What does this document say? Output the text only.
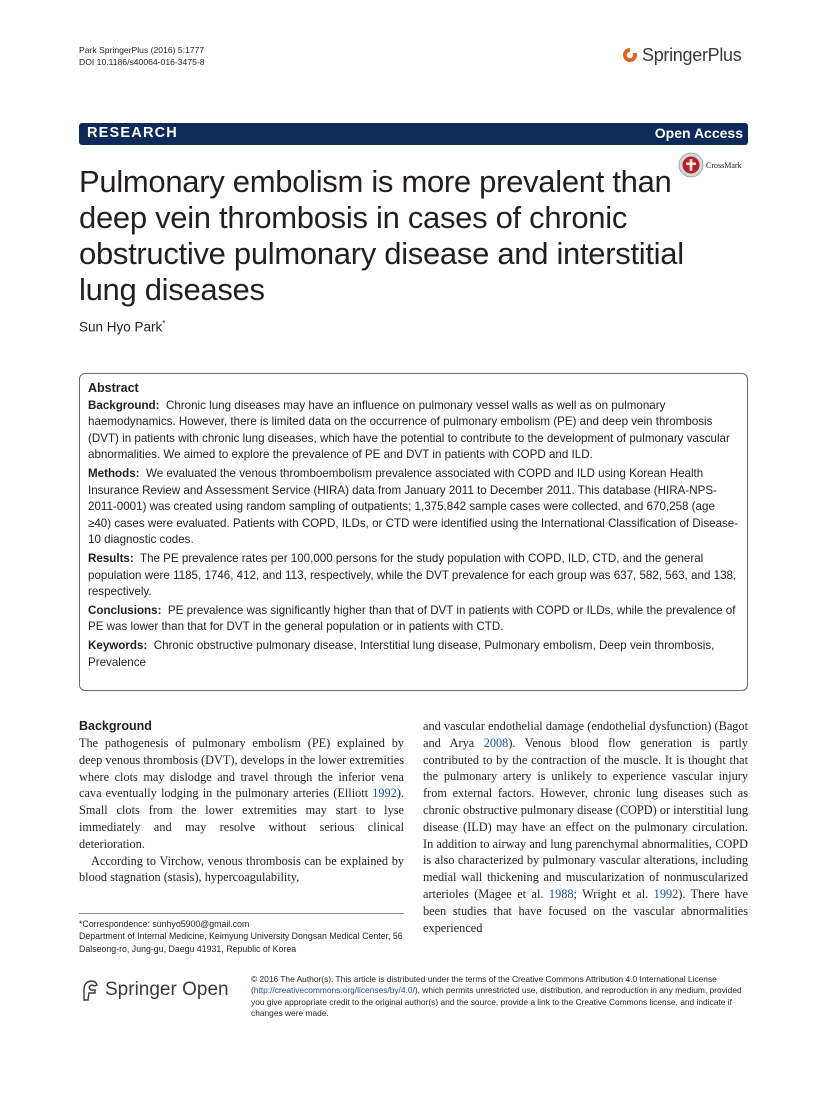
Park SpringerPlus (2016) 5:1777
DOI 10.1186/s40064-016-3475-8	SpringerPlus
RESEARCH	Open Access
CrossMark
Pulmonary embolism is more prevalent than deep vein thrombosis in cases of chronic obstructive pulmonary disease and interstitial lung diseases
Sun Hyo Park*
Abstract

Background: Chronic lung diseases may have an influence on pulmonary vessel walls as well as on pulmonary haemodynamics. However, there is limited data on the occurrence of pulmonary embolism (PE) and deep vein thrombosis (DVT) in patients with chronic lung diseases, which have the potential to contribute to the development of pulmonary vascular abnormalities. We aimed to explore the prevalence of PE and DVT in patients with COPD and ILD.

Methods: We evaluated the venous thromboembolism prevalence associated with COPD and ILD using Korean Health Insurance Review and Assessment Service (HIRA) data from January 2011 to December 2011. This database (HIRA-NPS-2011-0001) was created using random sampling of outpatients; 1,375,842 sample cases were collected, and 670,258 (age ≥40) cases were evaluated. Patients with COPD, ILDs, or CTD were identified using the International Classification of Disease-10 diagnostic codes.

Results: The PE prevalence rates per 100,000 persons for the study population with COPD, ILD, CTD, and the general population were 1185, 1746, 412, and 113, respectively, while the DVT prevalence for each group was 637, 582, 563, and 138, respectively.

Conclusions: PE prevalence was significantly higher than that of DVT in patients with COPD or ILDs, while the prevalence of PE was lower than that for DVT in the general population or in patients with CTD.

Keywords: Chronic obstructive pulmonary disease, Interstitial lung disease, Pulmonary embolism, Deep vein thrombosis, Prevalence

Background

The pathogenesis of pulmonary embolism (PE) explained by deep venous thrombosis (DVT), develops in the lower extremities where clots may dislodge and travel through the inferior vena cava eventually lodging in the pulmonary arteries (Elliott 1992). Small clots from the lower extremities may start to lyse immediately and may resolve without serious clinical deterioration.

According to Virchow, venous thrombosis can be explained by blood stagnation (stasis), hypercoagulability,

and vascular endothelial damage (endothelial dysfunction) (Bagot and Arya 2008). Venous blood flow generation is partly contributed to by the contraction of the muscle. It is thought that the pulmonary artery is unlikely to experience vascular injury from external factors. However, chronic lung diseases such as chronic obstructive pulmonary disease (COPD) or interstitial lung disease (ILD) may have an effect on the pulmonary circulation. In addition to airway and lung parenchymal abnormalities, COPD is also characterized by pulmonary vascular alterations, including medial wall thickening and muscularization of nonmuscularized arterioles (Magee et al. 1988; Wright et al. 1992). There have been studies that have focused on the vascular abnormalities experienced

*Correspondence: sunhyo5900@gmail.com
Department of Internal Medicine, Keimyung University Dongsan Medical Center, 56 Dalseong-ro, Jung-gu, Daegu 41931, Republic of Korea
Springer Open	© 2016 The Author(s). This article is distributed under the terms of the Creative Commons Attribution 4.0 International License (http://creativecommons.org/licenses/by/4.0/), which permits unrestricted use, distribution, and reproduction in any medium, provided you give appropriate credit to the original author(s) and the source, provide a link to the Creative Commons license, and indicate if changes were made.
